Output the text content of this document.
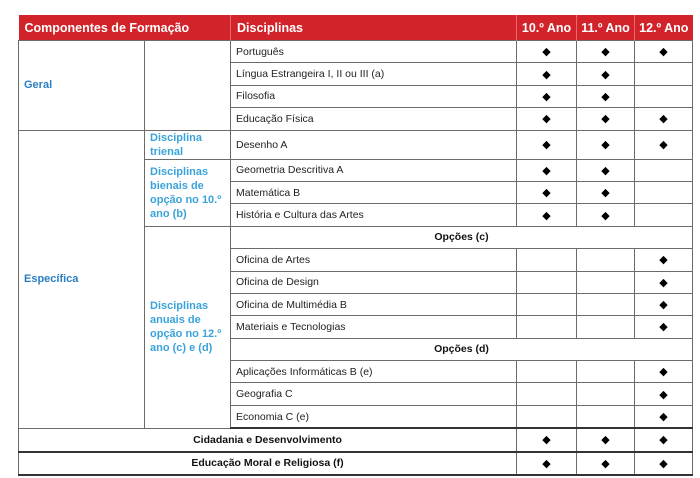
Componentes de Formação		Disciplinas	10.º Ano	11.º Ano	12.º Ano
Geral		Português	◆	◆	◆
		Língua Estrangeira I, II ou III (a)	◆	◆	
		Filosofia	◆	◆	
		Educação Física	◆	◆	◆
Específica	Disciplina trienal	Desenho A	◆	◆	◆
	Disciplinas bienais de opção no 10.º ano (b)	Geometria Descritiva A	◆	◆	
		Matemática B	◆	◆	
		História e Cultura das Artes	◆	◆	
	Disciplinas anuais de opção no 12.º ano (c) e (d)	Opções (c)			
		Oficina de Artes			◆
		Oficina de Design			◆
		Oficina de Multimédia B			◆
		Materiais e Tecnologias			◆
		Opções (d)			
		Aplicações Informáticas B (e)			◆
		Geografia C			◆
		Economia C (e)			◆
Cidadania e Desenvolvimento			◆	◆	◆
Educação Moral e Religiosa (f)			◆	◆	◆
